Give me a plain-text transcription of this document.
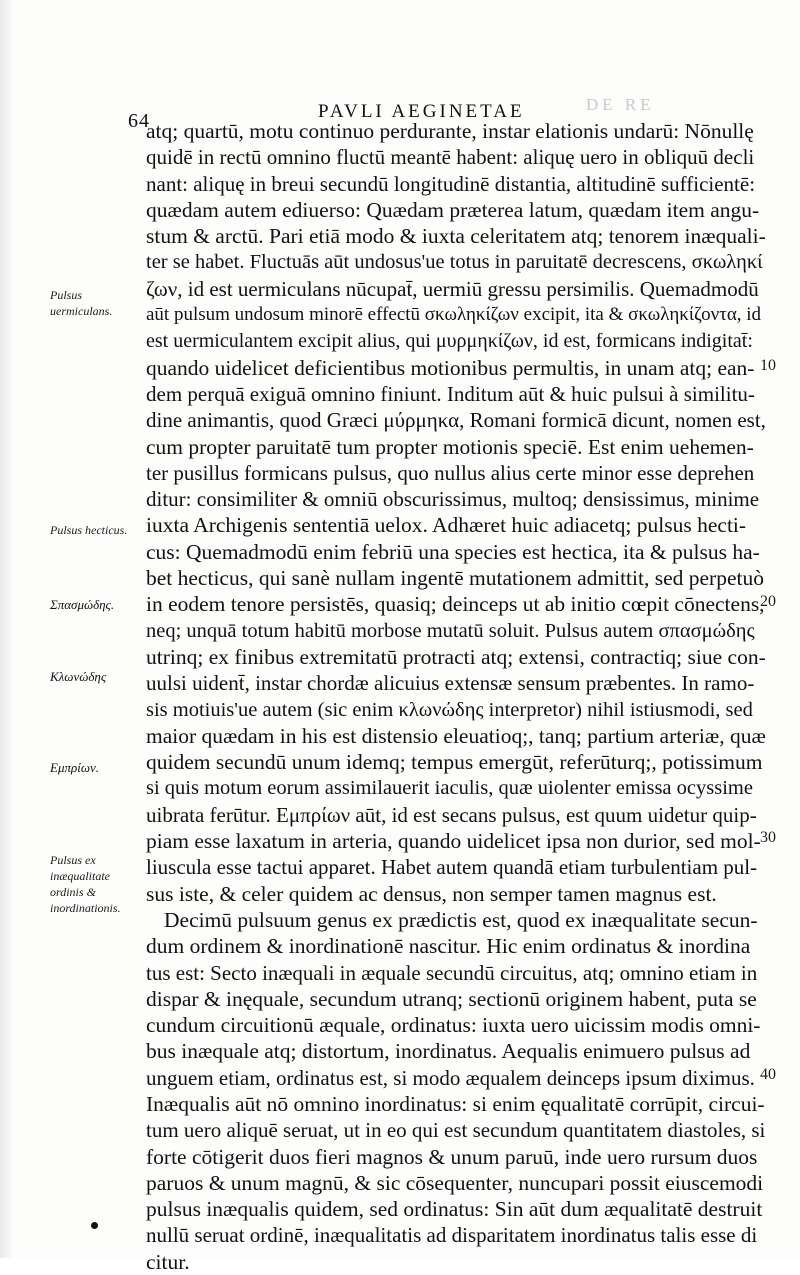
64	PAVLI AEGINETAE	DE RE
atq; quartū, motu continuo perdurante, instar elationis undarū: Nōnullę
quidē in rectū omnino fluctū meantē habent: aliquę uero in obliquū decli
nant: aliquę in breui secundū longitudinē distantia, altitudinē sufficientē:
quædam autem ediuerso: Quædam præterea latum, quædam item angu-
stum & arctū. Pari etiā modo & iuxta celeritatem atq; tenorem inæquali-
ter se habet. Fluctuās aūt undosus'ue totus in paruitatē decrescens, σκωληκί
ζων, id est uermiculans nūcupat̄, uermiū gressu persimilis. Quemadmodū
aūt pulsum undosum minorē effectū σκωληκίζων excipit, ita & σκωληκίζοντα, id
est uermiculantem excipit alius, qui μυρμηκίζων, id est, formicans indigitat̄:
quando uidelicet deficientibus motionibus permultis, in unam atq; ean-
dem perquā exiguā omnino finiunt. Inditum aūt & huic pulsui à similitu-
dine animantis, quod Græci μύρμηκα, Romani formicā dicunt, nomen est,
cum propter paruitatē tum propter motionis speciē. Est enim uehemen-
ter pusillus formicans pulsus, quo nullus alius certe minor esse deprehen
ditur: consimiliter & omniū obscurissimus, multoq; densissimus, minime
iuxta Archigenis sententiā uelox. Adhæret huic adiacetq; pulsus hecti-
cus: Quemadmodū enim febriū una species est hectica, ita & pulsus ha-
bet hecticus, qui sanè nullam ingentē mutationem admittit, sed perpetuò
in eodem tenore persistēs, quasiq; deinceps ut ab initio cœpit cōnectens,
neq; unquā totum habitū morbose mutatū soluit. Pulsus autem σπασμώδης
utrinq; ex finibus extremitatū protracti atq; extensi, contractiq; siue con-
uulsi uident̄, instar chordæ alicuius extensæ sensum præbentes. In ramo-
sis motiuis'ue autem (sic enim κλωνώδης interpretor) nihil istiusmodi, sed
maior quædam in his est distensio eleuatioq;, tanq; partium arteriæ, quæ
quidem secundū unum idemq; tempus emergūt, referūturq;, potissimum
si quis motum eorum assimilauerit iaculis, quæ uiolenter emissa ocyssime
uibrata ferūtur. Εμπρίων aūt, id est secans pulsus, est quum uidetur quip-
piam esse laxatum in arteria, quando uidelicet ipsa non durior, sed mol-
liuscula esse tactui apparet. Habet autem quandā etiam turbulentiam pul-
sus iste, & celer quidem ac densus, non semper tamen magnus est.
Decimū pulsuum genus ex prædictis est, quod ex inæqualitate secun-
dum ordinem & inordinationē nascitur. Hic enim ordinatus & inordina
tus est: Secto inæquali in æquale secundū circuitus, atq; omnino etiam in
dispar & inęquale, secundum utranq; sectionū originem habent, puta se
cundum circuitionū æquale, ordinatus: iuxta uero uicissim modis omni-
bus inæquale atq; distortum, inordinatus. Aequalis enimuero pulsus ad
unguem etiam, ordinatus est, si modo æqualem deinceps ipsum diximus.
Inæqualis aūt nō omnino inordinatus: si enim ęqualitatē corrūpit, circui-
tum uero aliquē seruat, ut in eo qui est secundum quantitatem diastoles, si
forte cōtigerit duos fieri magnos & unum paruū, inde uero rursum duos
paruos & unum magnū, & sic cōsequenter, nuncupari possit eiuscemodi
pulsus inæqualis quidem, sed ordinatus: Sin aūt dum æqualitatē destruit
nullū seruat ordinē, inæqualitatis ad disparitatem inordinatus talis esse di
citur.
Pulsus uermiculans.
Pulsus hecticus.
Σπασμώδης.
Κλωνώδης
Εμπρίων.
Pulsus ex inæqualitate ordinis & inordinationis.
10
20
30
40
